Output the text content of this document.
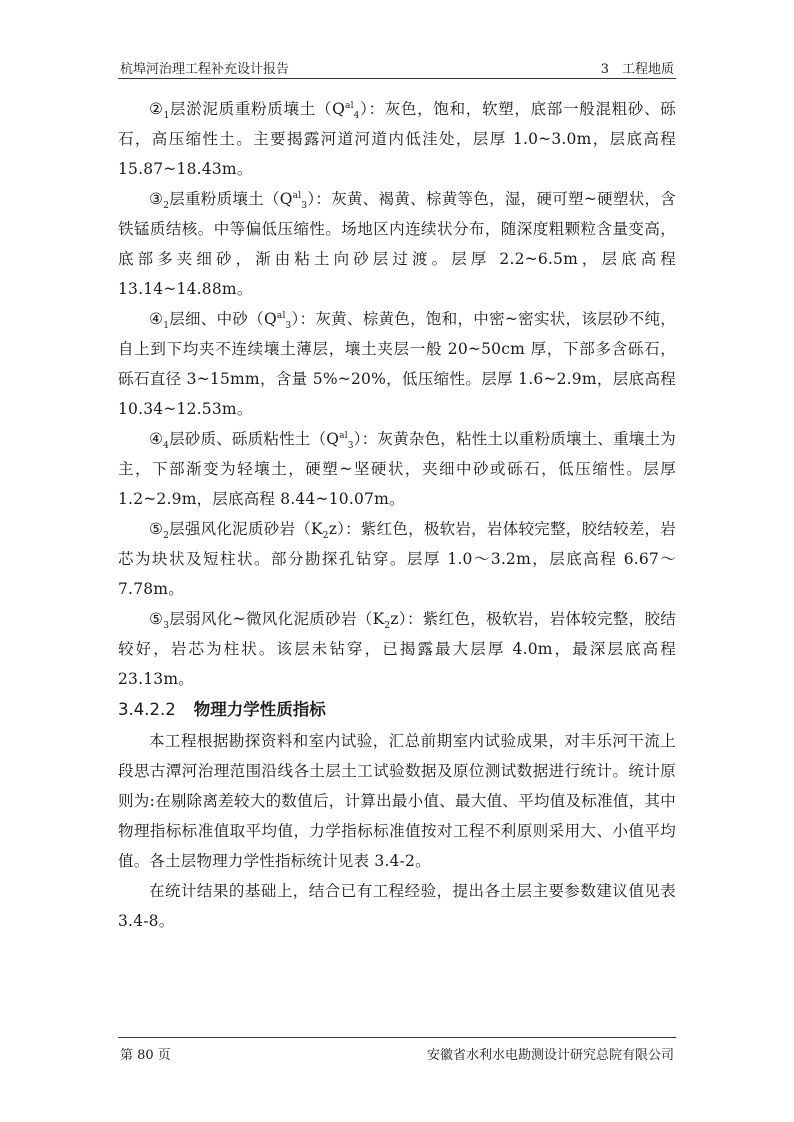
杭埠河治理工程补充设计报告	3　工程地质

$②_1$层淤泥质重粉质壤土$(Q^{al}_4)$：灰色，饱和，软塑，底部一般混粗砂、砾石，高压缩性土。主要揭露河道河道内低洼处，层厚 1.0~3.0m，层底高程15.87~18.43m。

$③_2$层重粉质壤土$(Q^{al}_3)$：灰黄、褐黄、棕黄等色，湿，硬可塑~硬塑状，含铁锰质结核。中等偏低压缩性。场地区内连续状分布，随深度粗颗粒含量变高，底部多夹细砂，渐由粘土向砂层过渡。层厚 2.2~6.5m，层底高程 13.14~14.88m。

$④_1$层细、中砂$(Q^{al}_3)$：灰黄、棕黄色，饱和，中密~密实状，该层砂不纯，自上到下均夹不连续壤土薄层，壤土夹层一般 20~50cm 厚，下部多含砾石，砾石直径 3~15mm，含量 5%~20%，低压缩性。层厚 1.6~2.9m，层底高程 10.34~12.53m。

$④_4$层砂质、砾质粘性土$(Q^{al}_3)$：灰黄杂色，粘性土以重粉质壤土、重壤土为主，下部渐变为轻壤土，硬塑~坚硬状，夹细中砂或砾石，低压缩性。层厚 1.2~2.9m，层底高程 8.44~10.07m。

$⑤_2$层强风化泥质砂岩$(K_2z)$：紫红色，极软岩，岩体较完整，胶结较差，岩芯为块状及短柱状。部分勘探孔钻穿。层厚 1.0～3.2m，层底高程 6.67～7.78m。

$⑤_3$层弱风化~微风化泥质砂岩$(K_2z)$：紫红色，极软岩，岩体较完整，胶结较好，岩芯为柱状。该层未钻穿，已揭露最大层厚 4.0m，最深层底高程 23.13m。

3.4.2.2 物理力学性质指标

本工程根据勘探资料和室内试验，汇总前期室内试验成果，对丰乐河干流上段思古潭河治理范围沿线各土层土工试验数据及原位测试数据进行统计。统计原则为:在剔除离差较大的数值后，计算出最小值、最大值、平均值及标准值，其中物理指标标准值取平均值，力学指标标准值按对工程不利原则采用大、小值平均值。各土层物理力学性指标统计见表 3.4-2。

在统计结果的基础上，结合已有工程经验，提出各土层主要参数建议值见表 3.4-8。

第 80 页	安徽省水利水电勘测设计研究总院有限公司
